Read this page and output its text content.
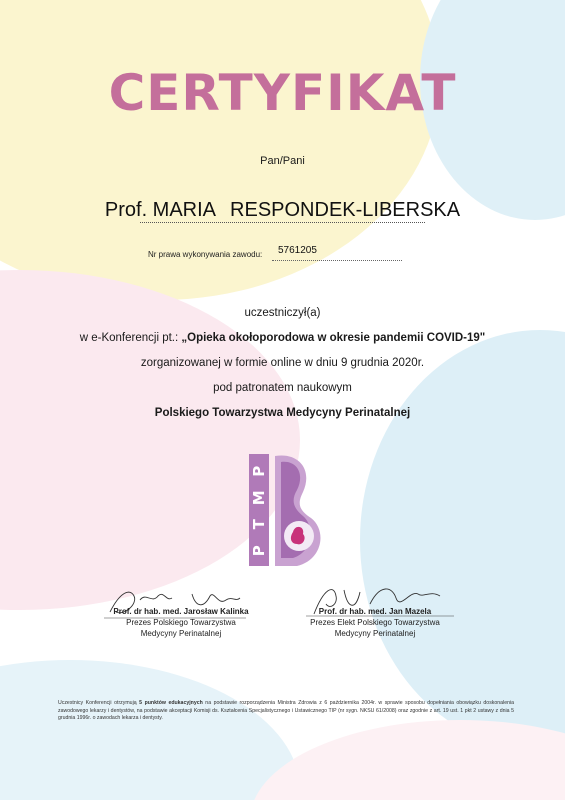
CERTYFIKAT
Pan/Pani
Prof. MARIA RESPONDEK-LIBERSKA
Nr prawa wykonywania zawodu: 5761205
uczestniczył(a)
w e-Konferencji pt.: „Opieka okołoporodowa w okresie pandemii COVID-19"
zorganizowanej w formie online w dniu 9 grudnia 2020r.
pod patronatem naukowym
Polskiego Towarzystwa Medycyny Perinatalnej
P
M
T
P
Prof. dr hab. med. Jarosław Kalinka
Prezes Polskiego Towarzystwa
Medycyny Perinatalnej
Prof. dr hab. med. Jan Mazela
Prezes Elekt Polskiego Towarzystwa
Medycyny Perinatalnej
Uczestnicy Konferencji otrzymują 5 punktów edukacyjnych na podstawie rozporządzenia Ministra Zdrowia z 6 października 2004r. w sprawie sposobu dopełniania obowiązku doskonalenia zawodowego lekarzy i dentystów, na podstawie akceptacji Komisji ds. Kształcenia Specjalistycznego i Ustawicznego TIP (nr sygn. NKSU 61/2008) oraz zgodnie z art. 19 ust. 1 pkt 2 ustawy z dnia 5 grudnia 1996r. o zawodach lekarza i dentysty.
